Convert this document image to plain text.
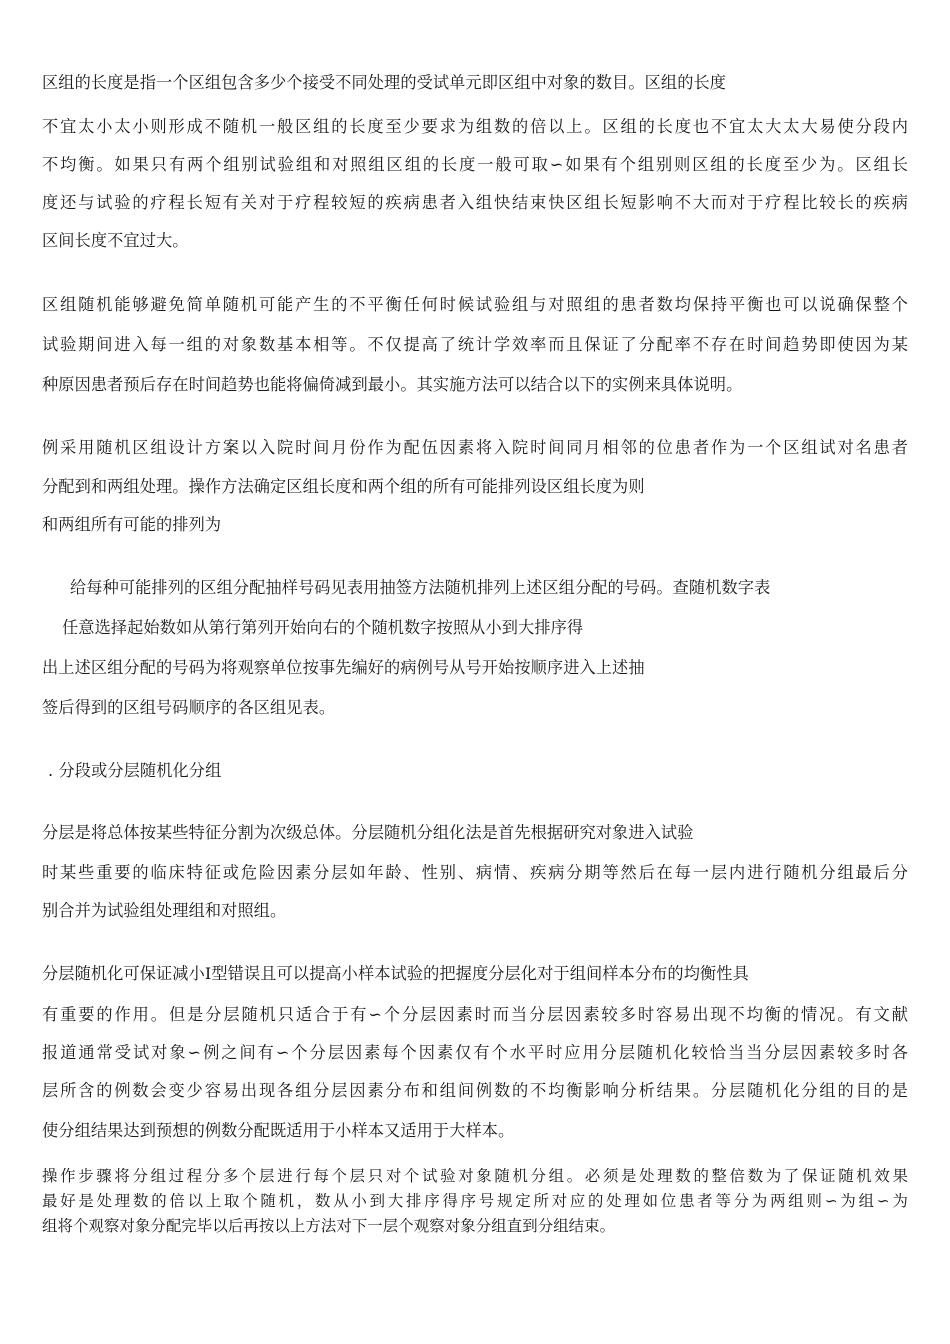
区组的长度是指一个区组包含多少个接受不同处理的受试单元即区组中对象的数目。区组的长度
不宜太小太小则形成不随机一般区组的长度至少要求为组数的倍以上。区组的长度也不宜太大太大易使分段内
不均衡。如果只有两个组别试验组和对照组区组的长度一般可取∽如果有个组别则区组的长度至少为。区组长
度还与试验的疗程长短有关对于疗程较短的疾病患者入组快结束快区组长短影响不大而对于疗程比较长的疾病
区间长度不宜过大。
区组随机能够避免简单随机可能产生的不平衡任何时候试验组与对照组的患者数均保持平衡也可以说确保整个
试验期间进入每一组的对象数基本相等。不仅提高了统计学效率而且保证了分配率不存在时间趋势即使因为某
种原因患者预后存在时间趋势也能将偏倚减到最小。其实施方法可以结合以下的实例来具体说明。
例采用随机区组设计方案以入院时间月份作为配伍因素将入院时间同月相邻的位患者作为一个区组试对名患者
分配到和两组处理。操作方法确定区组长度和两个组的所有可能排列设区组长度为则
和两组所有可能的排列为
给每种可能排列的区组分配抽样号码见表用抽签方法随机排列上述区组分配的号码。查随机数字表
任意选择起始数如从第行第列开始向右的个随机数字按照从小到大排序得
出上述区组分配的号码为将观察单位按事先编好的病例号从号开始按顺序进入上述抽
签后得到的区组号码顺序的各区组见表。
. 分段或分层随机化分组
分层是将总体按某些特征分割为次级总体。分层随机分组化法是首先根据研究对象进入试验
时某些重要的临床特征或危险因素分层如年龄、性别、病情、疾病分期等然后在每一层内进行随机分组最后分
别合并为试验组处理组和对照组。
分层随机化可保证减小Ⅰ型错误且可以提高小样本试验的把握度分层化对于组间样本分布的均衡性具
有重要的作用。但是分层随机只适合于有∽个分层因素时而当分层因素较多时容易出现不均衡的情况。有文献
报道通常受试对象∽例之间有∽个分层因素每个因素仅有个水平时应用分层随机化较恰当当分层因素较多时各
层所含的例数会变少容易出现各组分层因素分布和组间例数的不均衡影响分析结果。分层随机化分组的目的是
使分组结果达到预想的例数分配既适用于小样本又适用于大样本。
操作步骤将分组过程分多个层进行每个层只对个试验对象随机分组。必须是处理数的整倍数为了保证随机效果
最好是处理数的倍以上取个随机，数从小到大排序得序号规定所对应的处理如位患者等分为两组则∽为组∽为
组将个观察对象分配完毕以后再按以上方法对下一层个观察对象分组直到分组结束。
